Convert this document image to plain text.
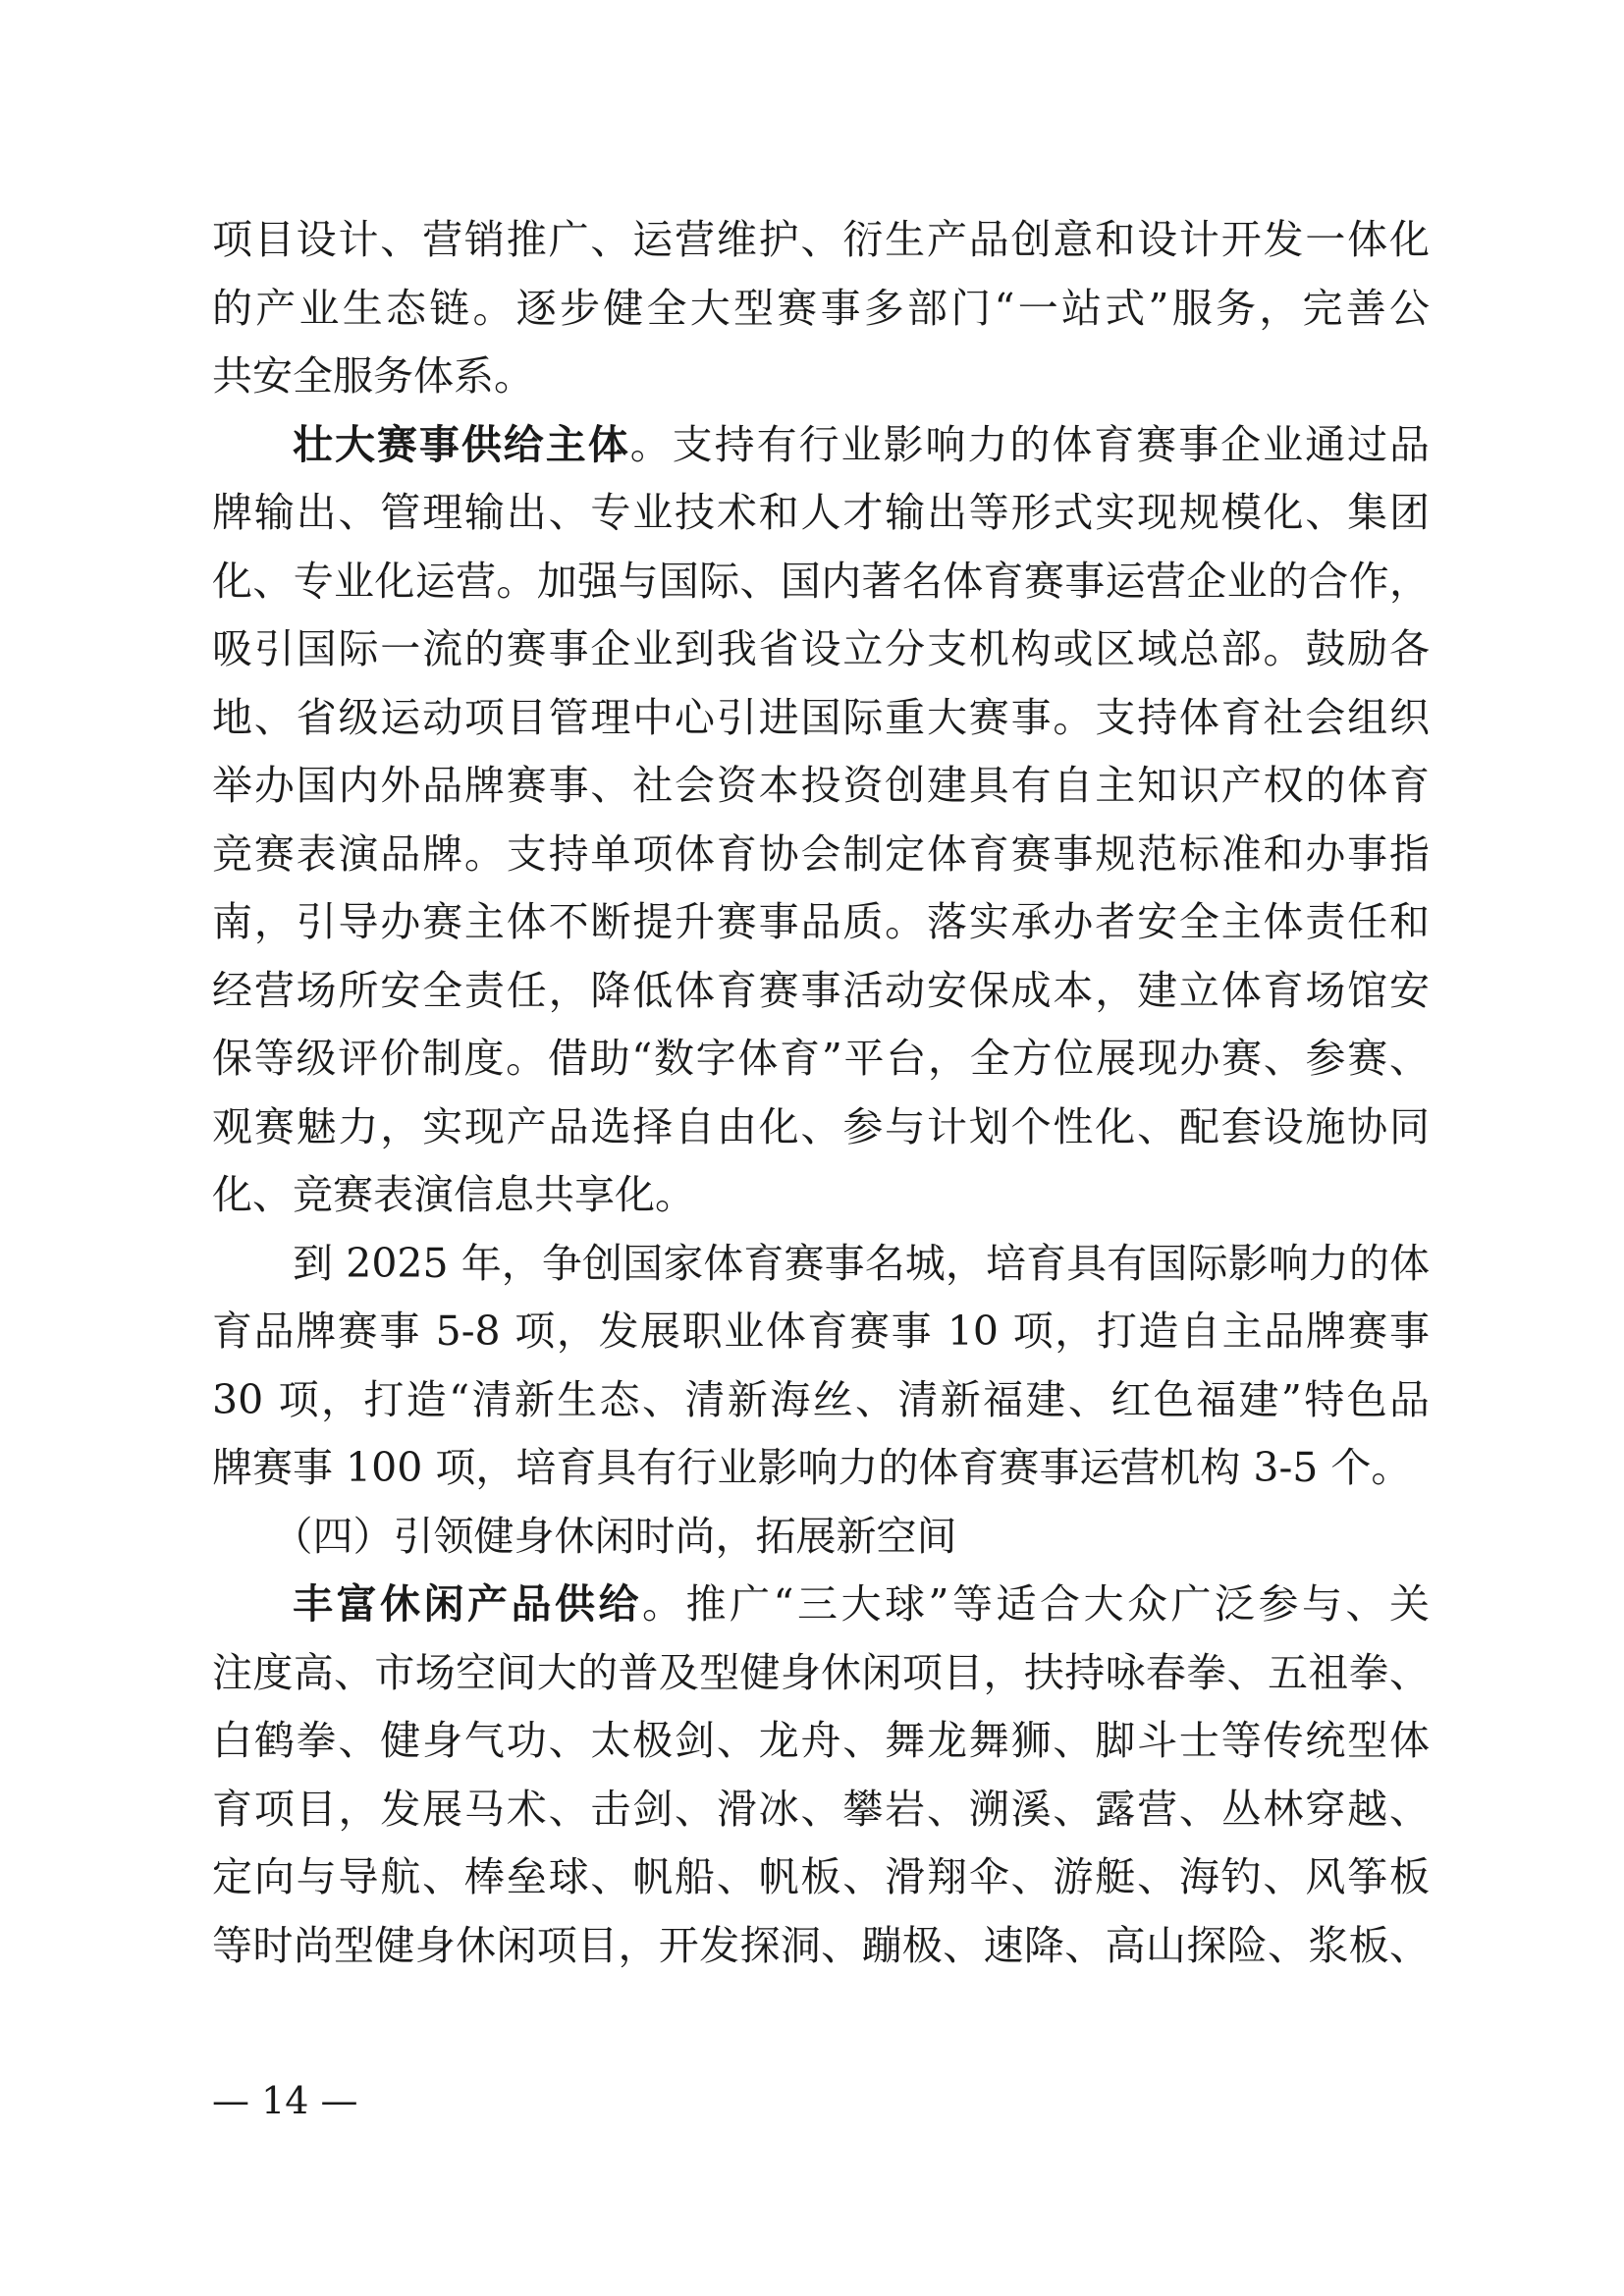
项目设计、营销推广、运营维护、衍生产品创意和设计开发一体化
的产业生态链。逐步健全大型赛事多部门“一站式”服务，完善公
共安全服务体系。
壮大赛事供给主体。支持有行业影响力的体育赛事企业通过品
牌输出、管理输出、专业技术和人才输出等形式实现规模化、集团
化、专业化运营。加强与国际、国内著名体育赛事运营企业的合作，
吸引国际一流的赛事企业到我省设立分支机构或区域总部。鼓励各
地、省级运动项目管理中心引进国际重大赛事。支持体育社会组织
举办国内外品牌赛事、社会资本投资创建具有自主知识产权的体育
竞赛表演品牌。支持单项体育协会制定体育赛事规范标准和办事指
南，引导办赛主体不断提升赛事品质。落实承办者安全主体责任和
经营场所安全责任，降低体育赛事活动安保成本，建立体育场馆安
保等级评价制度。借助“数字体育”平台，全方位展现办赛、参赛、
观赛魅力，实现产品选择自由化、参与计划个性化、配套设施协同
化、竞赛表演信息共享化。
到 2025 年，争创国家体育赛事名城，培育具有国际影响力的体
育品牌赛事 5-8 项，发展职业体育赛事 10 项，打造自主品牌赛事
30 项，打造“清新生态、清新海丝、清新福建、红色福建”特色品
牌赛事 100 项，培育具有行业影响力的体育赛事运营机构 3-5 个。
（四）引领健身休闲时尚，拓展新空间
丰富休闲产品供给。推广“三大球”等适合大众广泛参与、关
注度高、市场空间大的普及型健身休闲项目，扶持咏春拳、五祖拳、
白鹤拳、健身气功、太极剑、龙舟、舞龙舞狮、脚斗士等传统型体
育项目，发展马术、击剑、滑冰、攀岩、溯溪、露营、丛林穿越、
定向与导航、棒垒球、帆船、帆板、滑翔伞、游艇、海钓、风筝板
等时尚型健身休闲项目，开发探洞、蹦极、速降、高山探险、浆板、
— 14 —
